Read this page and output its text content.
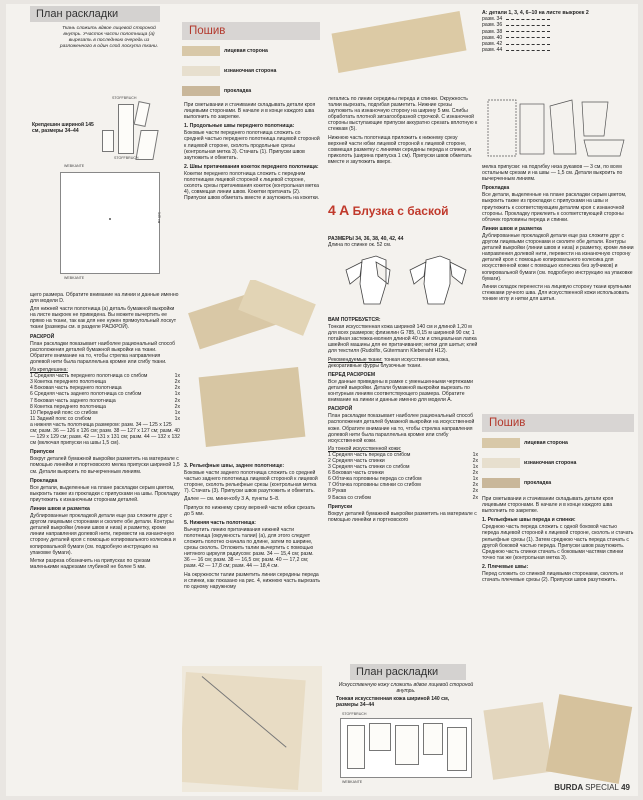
План раскладки
Ткань сложить вдвое лицевой стороной внутрь. Участок части полотнища (а) вырезать в последнюю очередь из разложенного в один слой лоскута ткани.
Крепдешин шириной 145 см, размеры 34–44
STOFFBRUCH
STOFFBRUCH
WEBKANTE
145 см
WEBKANTE

щего размера. Обратите внимание на линии и данные именно для модели D.

Для нижней части полотнища (а) деталь бумажной выкройки на листе выкроек не приведена. Вы можете вычертить ее прямо на ткани, так как для нее нужен прямоугольный лоскут ткани (размеры см. в разделе РАСКРОЙ).

РАСКРОЙ

План раскладки показывает наиболее рациональный способ расположения деталей бумажной выкройки на ткани. Обратите внимание на то, чтобы стрелка направления долевой нити была параллельна кромке или сгибу ткани.

Из крепдешина:
1 Средняя часть переднего полотнища со сгибом	1x
3 Кокетка переднего полотнища	2x
4 Боковая часть переднего полотнища	2x
6 Средняя часть заднего полотнища со сгибом	1x
7 Боковая часть заднего полотнища	2x
8 Кокетка переднего полотнища	2x
10 Передний пояс со сгибом	1x
11 Задний пояс со сгибом	1x

a нижняя часть полотнища размером: разм. 34 — 125 x 125 см; разм. 36 — 126 x 126 см; разм. 38 — 127 x 127 см; разм. 40 — 129 x 129 см; разм. 42 — 131 x 131 см; разм. 44 — 132 x 132 см (включая припуски на швы 1,5 см).

Припуски

Вокруг деталей бумажной выкройки разметить на материале с помощью линейки и портновского мелка припуски шириной 1,5 см. Детали выкроить по вычерченным линиям.

Прокладка

Все детали, выделенные на плане раскладки серым цветом, выкроить также из прокладки с припусками на швы. Прокладку приутюжить к изнаночным сторонам деталей.

Линии швов и разметка

Дублированные прокладкой детали еще раз сложите друг с другом лицевыми сторонами и сколите обе детали. Контуры деталей выкройки (линии швов и низа) и разметку, кроме линии направления долевой нити, перевести на изнаночную сторону деталей кроя с помощью копировального колесика и копировальной бумаги (см. подробную инструкцию на упаковке бумаги).

Метки разреза обозначить на припусках по срезам маленькими надрезами глубиной не более 5 мм.

Пошив
лицевая сторона
изнаночная сторона
прокладка

При сметывании и стачивании складывать детали кроя лицевыми сторонами. В начале и в конце каждого шва выполнить по закрепке.

1. Продольные швы переднего полотнища:

Боковые части переднего полотнища сложить со средней частью переднего полотнища лицевой стороной к лицевой стороне, сколоть продольные срезы (контрольная метка 3). Стачать (1). Припуски швов заутюжить и обметать.

2. Швы притачивания кокеток переднего полотнища:

Кокетки переднего полотнища сложить с передним полотнищем лицевой стороной к лицевой стороне, сколоть срезы притачивания кокеток (контрольная метка 4), совмещая линии швов. Кокетки притачать (2). Припуски швов обметать вместе и заутюжить на кокетки.

3. Рельефные швы, заднее полотнище:

Боковые части заднего полотнища сложить со средней частью заднего полотнища лицевой стороной к лицевой стороне, сколоть рельефные срезы (контрольная метка 7). Стачать (3). Припуски швов разутюжить и обметать.

Далее — см. мини-кобу 3 А, пункты 5–8.

Припуск по нижнему срезу верхней части юбки срезать до 5 мм.

5. Нижняя часть полотнища:

Вычертить линию притачивания нижней части полотнища (окружность талии) (а), для этого следует сложить полотно сначала по длине, затем по ширине, срезы сколоть. Отложить талии вычертить с помощью нитяного циркуля радиусом: разм. 34 — 15,4 см; разм. 36 — 16 см; разм. 38 — 16,5 см; разм. 40 — 17,2 см; разм. 42 — 17,8 см; разм. 44 — 18,4 см.

На окружности талии разметить линии середины переда и спинки, как показано на рис. 4, нижнюю часть вырезать по одному наружному

легались по линии середины переда и спинки. Окружность талии вырезать, подгибая разметить. Нижние срезы заутюжить на изнаночную сторону на ширину 5 мм. Слибы обработать плотной зигзагообразной строчкой. С изнаночной стороны выступающие припуски аккуратно срезать вплотную к стежкам (5).

Нижнюю часть полотнища приложить к нижнему срезу верхней части юбки лицевой стороной к лицевой стороне, совмещая разметку с линиями середины переда и спинки, и приколоть (ширина припуска 1 см). Припуски швов обметать вместе и заутюжить вверх.

4 A Блузка с баской
РАЗМЕРЫ 34, 36, 38, 40, 42, 44
Длина по спинке ок. 52 см.
ВАМ ПОТРЕБУЕТСЯ:

Тонкая искусственная кожа шириной 140 см и длиной 1,20 м для всех размеров; флизелин G 785, 0,15 м шириной 90 см; 1 потайная застежка-молния длиной 40 см и специальная лапка швейной машины для ее притачивания; нитки для шитья; клей для текстиля (Rudolfix, Gütermann Klebenaht H12).

Рекомендуемые ткани: тонкая искусственная кожа, декоративные фурры блузочные ткани.

ПЕРЕД РАСКРОЕМ

Все данные приведены в рамке с уменьшенными чертежами деталей выкройки. Детали бумажной выкройки вырезать по контурным линиям соответствующего размера. Обратите внимание на линии и данные именно для модели А.

РАСКРОЙ

План раскладки показывает наиболее рациональный способ расположения деталей бумажной выкройки на искусственной коже. Обратите внимание на то, чтобы стрелка направления долевой нити была параллельна кромке или сгибу искусственной кожи.

Из тонкой искусственной кожи:
1 Средняя часть переда со сгибом	1x
2 Средняя часть спинки	2x
3 Средняя часть спинки со сгибом	1x
6 Боковая часть спинки	2x
6 Обтачка горловины переда со сгибом	1x
7 Обтачка горловины спинки со сгибом	2x
8 Рукав	2x
9 Баска со сгибом	2x
Припуски

Вокруг деталей бумажной выкройки разметить на материале с помощью линейки и портновского

План раскладки
Искусственную кожу сложить вдвое лицевой стороной внутрь.
Тонкая искусственная кожа шириной 140 см, размеры 34–44
STOFFBRUCH
WEBKANTE
А: детали 1, 3, 4, 6–10 на листе выкроек 2
разм. 34
разм. 36
разм. 38
разм. 40
разм. 42
разм. 44

мелка припуски: на подгибку низа рукавов — 3 см, по всем остальным срезам и на швы — 1,5 см. Детали выкроить по вычерченным линиям.

Прокладка

Все детали, выделенные на плане раскладки серым цветом, выкроить также из прокладки с припусками на швы и приутюжить к соответствующим деталям кроя с изнаночной стороны. Прокладку приклеить к соответствующей стороны обтачек горловины переда и спинки.

Линии швов и разметка

Дублированные прокладкой детали еще раз сложите друг с другом лицевыми сторонами и сколите обе детали. Контуры деталей выкройки (линии швов и низа) и разметку, кроме линии направления долевой нити, перевести на изнаночную сторону деталей кроя с помощью копировального колесика для искусственной кожи с помощью колесика без зубчиков) и копировальной бумаги (см. подробную инструкцию на упаковке бумаги).

Линии складок перенести на лицевую сторону ткани крупными стежками ручного шва. Для искусственной кожи использовать тонкие иглу и нитки для шитья.

Пошив
лицевая сторона
изнаночная сторона
прокладка

При сметывании и стачивании складывать детали кроя лицевыми сторонами. В начале и в конце каждого шва выполнить по закрепке.

1. Рельефные швы переда и спинки:

Среднюю часть переда сложить с одной боковой частью переда лицевой стороной к лицевой стороне, сколоть и стачать рельефные срезы (1). Затем среднюю часть переда стачать с другой боковой частью переда. Припуски швов разутюжить. Среднюю часть спинки стачать с боковыми частями спинки точно так же (контрольная метка 3).

2. Плечевые швы:

Перед сложить со спинкой лицевыми сторонами, сколоть и стачать плечевые срезы (2). Припуски швов разутюжить.

BURDA SPECIAL 49
